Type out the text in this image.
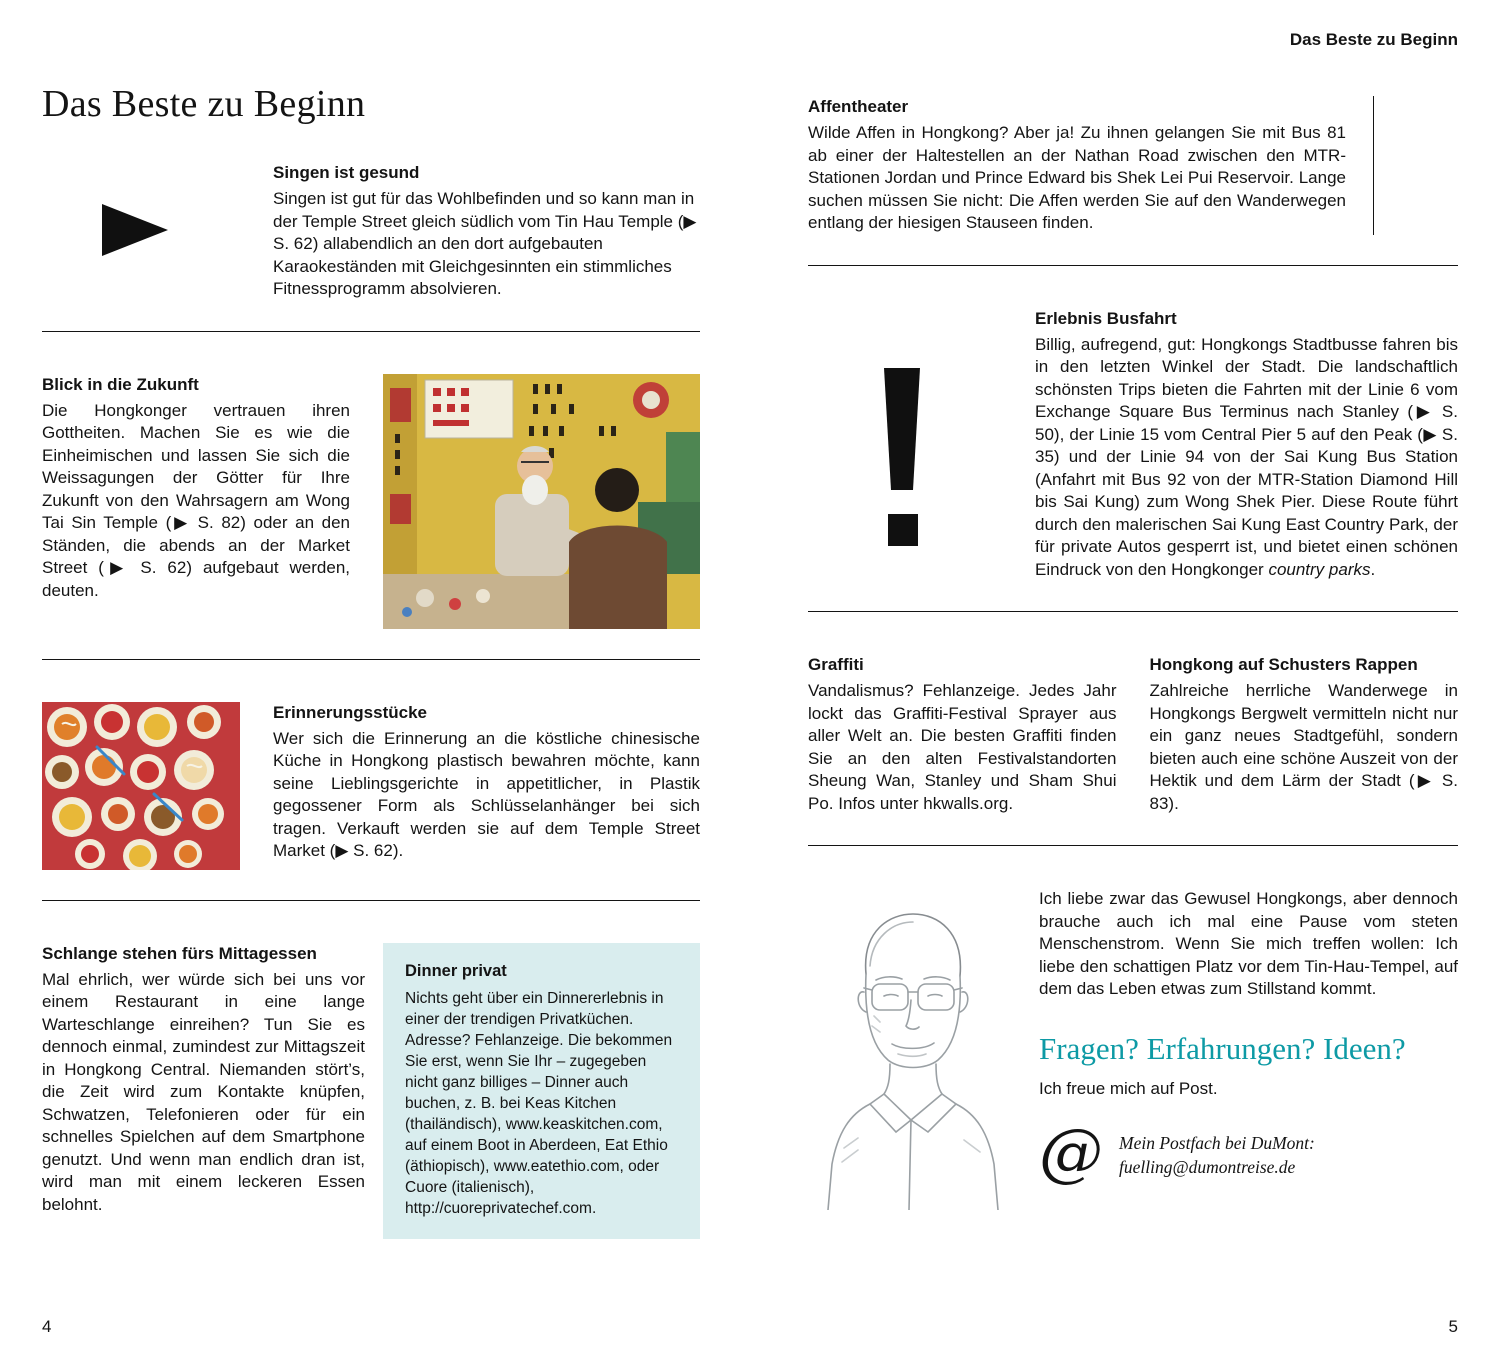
Das Beste zu Beginn
Singen ist gesund

Singen ist gut für das Wohlbefinden und so kann man in der Temple Street gleich südlich vom Tin Hau Temple (▶ S. 62) allabendlich an den dort aufgebauten Karaokeständen mit Gleichgesinnten ein stimmliches Fitnessprogramm absolvieren.

Blick in die Zukunft

Die Hongkonger vertrauen ihren Gottheiten. Machen Sie es wie die Einheimischen und lassen Sie sich die Weissagungen der Götter für Ihre Zukunft von den Wahrsagern am Wong Tai Sin Temple (▶ S. 82) oder an den Ständen, die abends an der Market Street (▶ S. 62) aufgebaut werden, deuten.

Erinnerungsstücke

Wer sich die Erinnerung an die köstliche chinesische Küche in Hongkong plastisch bewahren möchte, kann seine Lieblingsgerichte in appetitlicher, in Plastik gegossener Form als Schlüsselanhänger bei sich tragen. Verkauft werden sie auf dem Temple Street Market (▶ S. 62).

Schlange stehen fürs Mittagessen

Mal ehrlich, wer würde sich bei uns vor einem Restaurant in eine lange Warteschlange einreihen? Tun Sie es dennoch einmal, zumindest zur Mittagszeit in Hongkong Central. Niemanden stört’s, die Zeit wird zum Kontakte knüpfen, Schwatzen, Telefonieren oder für ein schnelles Spielchen auf dem Smartphone genutzt. Und wenn man endlich dran ist, wird man mit einem leckeren Essen belohnt.

Dinner privat

Nichts geht über ein Dinnererlebnis in einer der trendigen Privatküchen. Adresse? Fehlanzeige. Die bekommen Sie erst, wenn Sie Ihr – zugegeben nicht ganz billiges – Dinner auch buchen, z. B. bei Keas Kitchen (thailändisch), www.keaskitchen.com, auf einem Boot in Aberdeen, Eat Ethio (äthiopisch), www.eatethio.com, oder Cuore (italienisch), http://cuoreprivatechef.com.

4
Das Beste zu Beginn
Affentheater

Wilde Affen in Hongkong? Aber ja! Zu ihnen gelangen Sie mit Bus 81 ab einer der Haltestellen an der Nathan Road zwischen den MTR-Stationen Jordan und Prince Edward bis Shek Lei Pui Reservoir. Lange suchen müssen Sie nicht: Die Affen werden Sie auf den Wanderwegen entlang der hiesigen Stauseen finden.

Erlebnis Busfahrt

Billig, aufregend, gut: Hongkongs Stadtbusse fahren bis in den letzten Winkel der Stadt. Die landschaftlich schönsten Trips bieten die Fahrten mit der Linie 6 vom Exchange Square Bus Terminus nach Stanley (▶ S. 50), der Linie 15 vom Central Pier 5 auf den Peak (▶ S. 35) und der Linie 94 von der Sai Kung Bus Station (Anfahrt mit Bus 92 von der MTR-Station Diamond Hill bis Sai Kung) zum Wong Shek Pier. Diese Route führt durch den malerischen Sai Kung East Country Park, der für private Autos gesperrt ist, und bietet einen schönen Eindruck von den Hongkonger country parks.

Graffiti

Vandalismus? Fehlanzeige. Jedes Jahr lockt das Graffiti-Festival Sprayer aus aller Welt an. Die besten Graffiti finden Sie an den alten Festivalstandorten Sheung Wan, Stanley und Sham Shui Po. Infos unter hkwalls.org.

Hongkong auf Schusters Rappen

Zahlreiche herrliche Wanderwege in Hongkongs Bergwelt vermitteln nicht nur ein ganz neues Stadtgefühl, sondern bieten auch eine schöne Auszeit von der Hektik und dem Lärm der Stadt (▶ S. 83).

Ich liebe zwar das Gewusel Hongkongs, aber dennoch brauche auch ich mal eine Pause vom steten Menschenstrom. Wenn Sie mich treffen wollen: Ich liebe den schattigen Platz vor dem Tin-Hau-Tempel, auf dem das Leben etwas zum Stillstand kommt.

Fragen? Erfahrungen? Ideen?
Ich freue mich auf Post.
@ Mein Postfach bei DuMont:
fuelling@dumontreise.de
5
